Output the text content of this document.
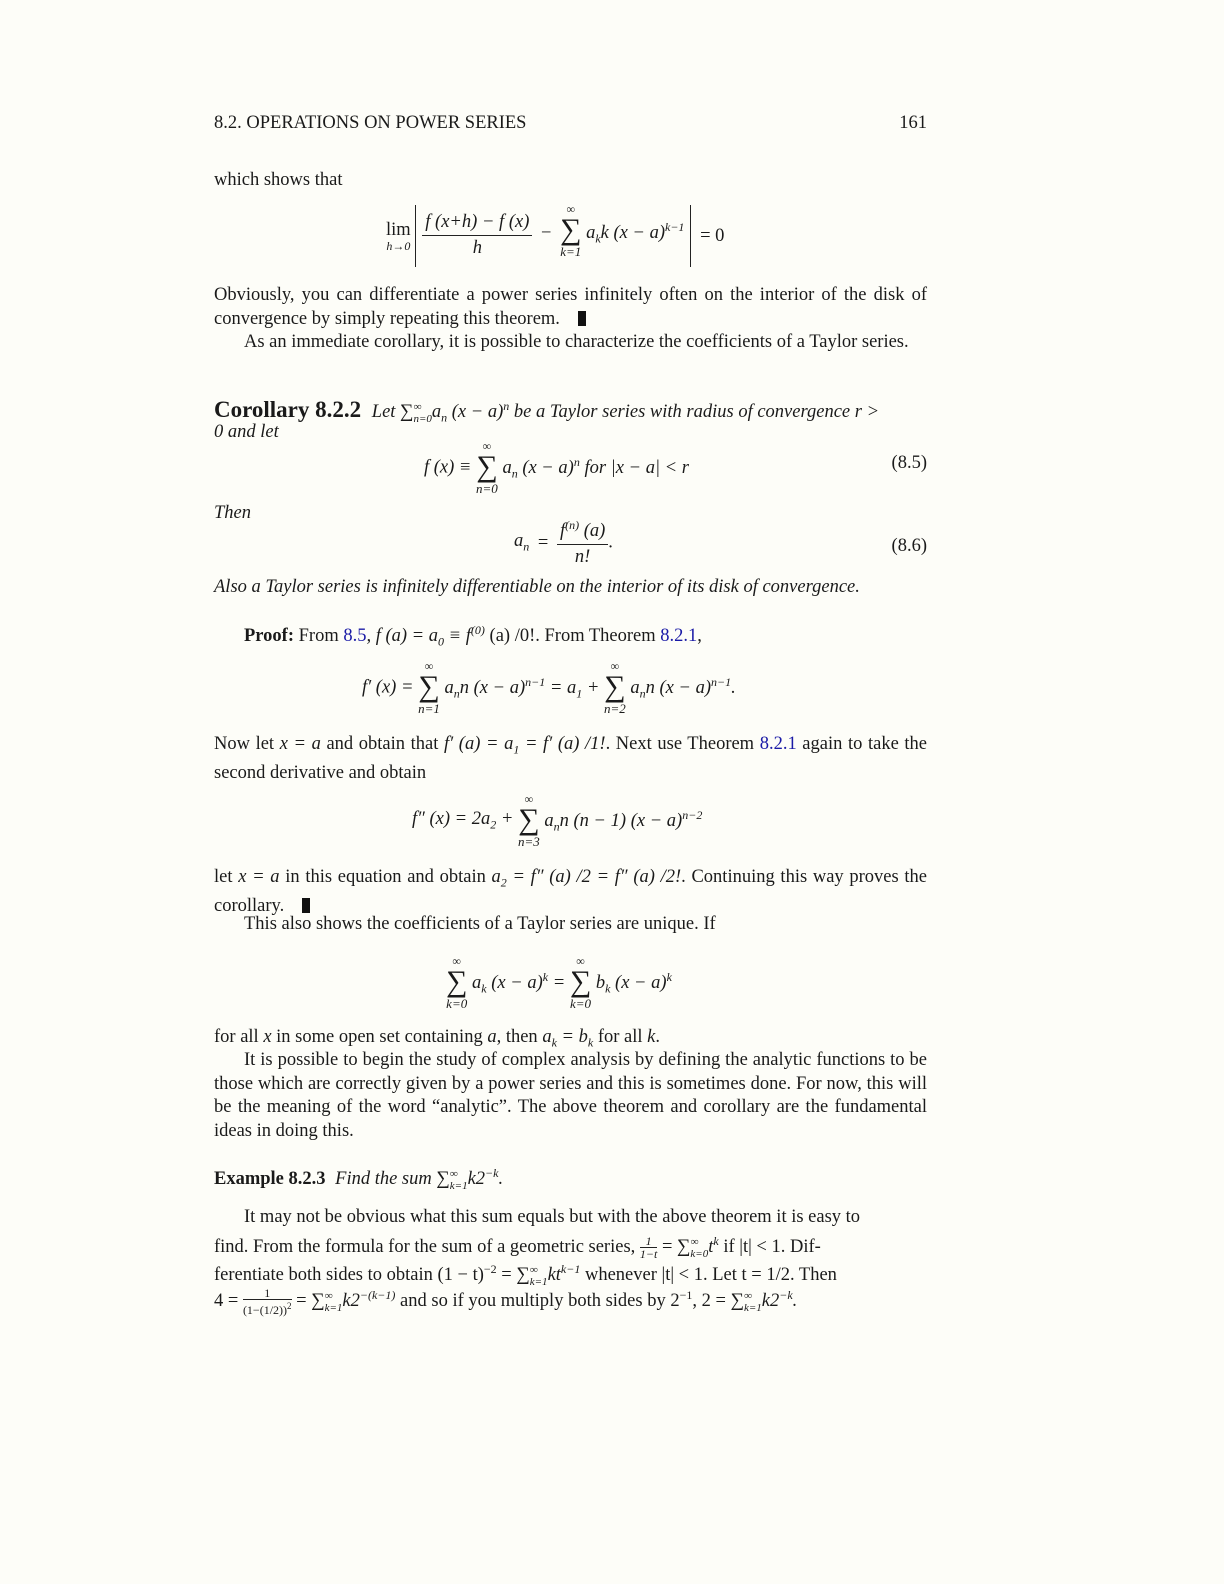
8.2. OPERATIONS ON POWER SERIES	161
which shows that
lim
h→0
$\frac{f (x+h) - f (x)}{h}$ −
∞
∑
k=1
$a_kk$ $(x - a)^{k-1} = 0$
Obviously, you can differentiate a power series infinitely often on the interior of the disk of convergence by simply repeating this theorem.
As an immediate corollary, it is possible to characterize the coefficients of a Taylor series.
Corollary 8.2.2 Let $\sum^\infty_{n=0}a_n$ $(x - a)^n$ be a Taylor series with radius of convergence r >
0 and let
f (x) ≡
∞
∑
n=0
$a_n$ $(x - a)^n$ for |x − a| < r	(8.5)
Then
$a_n = \frac{f^{(n)} (a)}{n!}$ .	(8.6)
Also a Taylor series is infinitely differentiable on the interior of its disk of convergence.
Proof: From 8.5, f $(a) = a_0 \equiv f^{(0)}$ (a) /0!. From Theorem 8.2.1,
f′ (x) =
∞
∑
n=1
$a_nn$ $(x - a)^{n-1} = a_1$ +
∞
∑
n=2
$a_nn$ $(x - a)^{n-1}$.
Now let x = a and obtain that f′ $(a) = a_1 = f'$ (a) /1!. Next use Theorem 8.2.1 again to take the second derivative and obtain
f″ $(x) = 2a_2$ +
∞
∑
n=3
$a_nn$ (n − 1) $(x - a)^{n-2}$
let x = a in this equation and obtain $a_2 = f''$ (a) /2 = f″ (a) /2!. Continuing this way proves the corollary.
This also shows the coefficients of a Taylor series are unique. If
∞
∑
k=0
$a_k$ $(x - a)^k$ =
∞
∑
k=0
$b_k$ $(x - a)^k$
for all x in some open set containing a, then $a_k = b_k$ for all k.
It is possible to begin the study of complex analysis by defining the analytic functions to be those which are correctly given by a power series and this is sometimes done. For now, this will be the meaning of the word “analytic”. The above theorem and corollary are the fundamental ideas in doing this.
Example 8.2.3 Find the sum $\sum^\infty_{k=1}k2^{-k}$.
It may not be obvious what this sum equals but with the above theorem it is easy to
find. From the formula for the sum of a geometric series, $\frac{1}{1-t} = \sum^\infty_{k=0}t^k$ if |t| < 1. Dif-
ferentiate both sides to obtain $(1 - t)^{-2} = \sum^\infty_{k=1}kt^{k-1}$ whenever |t| < 1. Let t = 1/2. Then
$4 = \frac{1}{(1-(1/2))^2} = \sum^\infty_{k=1}k2^{-(k-1)}$ and so if you multiply both sides by $2^{-1}$, $2 = \sum^\infty_{k=1}k2^{-k}$.
